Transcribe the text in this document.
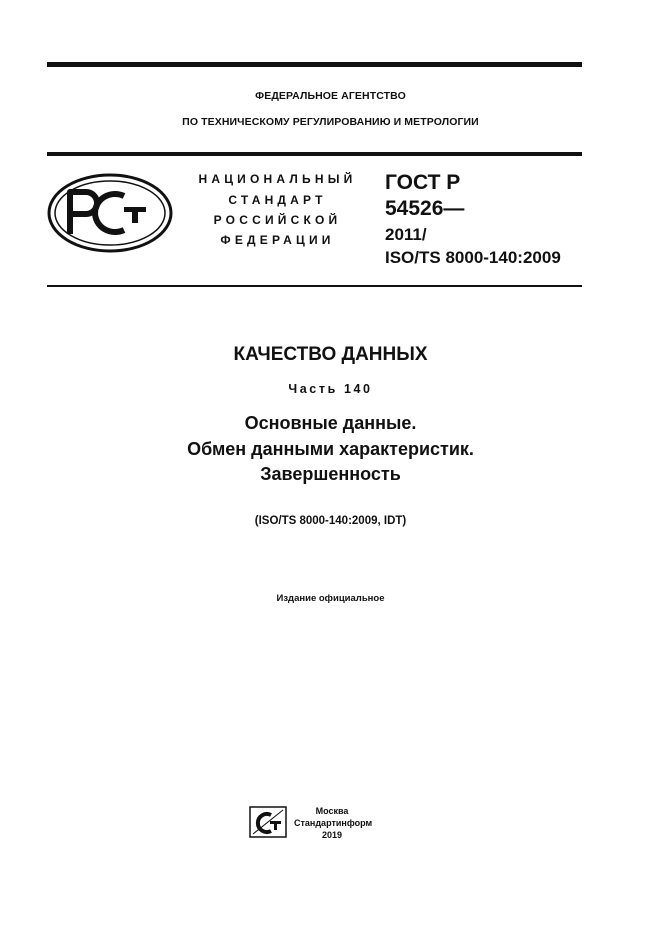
ФЕДЕРАЛЬНОЕ АГЕНТСТВО
ПО ТЕХНИЧЕСКОМУ РЕГУЛИРОВАНИЮ И МЕТРОЛОГИИ
НАЦИОНАЛЬНЫЙ
СТАНДАРТ
РОССИЙСКОЙ
ФЕДЕРАЦИИ
ГОСТ Р
54526—
2011/
ISO/TS 8000-140:2009
КАЧЕСТВО ДАННЫХ
Часть 140
Основные данные.
Обмен данными характеристик.
Завершенность
(ISO/TS 8000-140:2009, IDT)
Издание официальное
Москва
Стандартинформ
2019
